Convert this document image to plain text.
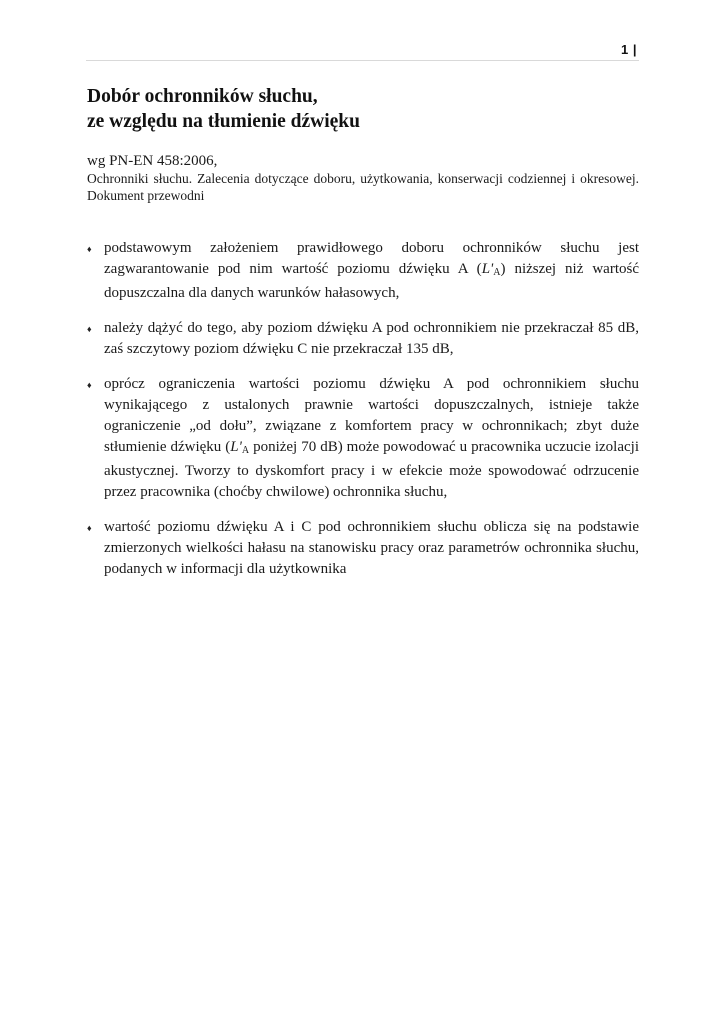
1 |
Dobór ochronników słuchu,
ze względu na tłumienie dźwięku
wg PN-EN 458:2006,
Ochronniki słuchu. Zalecenia dotyczące doboru, użytkowania, konserwacji codziennej i okresowej. Dokument przewodni
♦ podstawowym założeniem prawidłowego doboru ochronników słuchu jest zagwarantowanie pod nim wartość poziomu dźwięku A $(L'_A)$ niższej niż wartość dopuszczalna dla danych warunków hałasowych,
♦ należy dążyć do tego, aby poziom dźwięku A pod ochronnikiem nie przekraczał 85 dB, zaś szczytowy poziom dźwięku C nie przekraczał 135 dB,
♦ oprócz ograniczenia wartości poziomu dźwięku A pod ochronnikiem słuchu wynikającego z ustalonych prawnie wartości dopuszczalnych, istnieje także ograniczenie „od dołu”, związane z komfortem pracy w ochronnikach; zbyt duże stłumienie dźwięku ($L'_A$ poniżej 70 dB) może powodować u pracownika uczucie izolacji akustycznej. Tworzy to dyskomfort pracy i w efekcie może spowodować odrzucenie przez pracownika (choćby chwilowe) ochronnika słuchu,
♦ wartość poziomu dźwięku A i C pod ochronnikiem słuchu oblicza się na podstawie zmierzonych wielkości hałasu na stanowisku pracy oraz parametrów ochronnika słuchu, podanych w informacji dla użytkownika
